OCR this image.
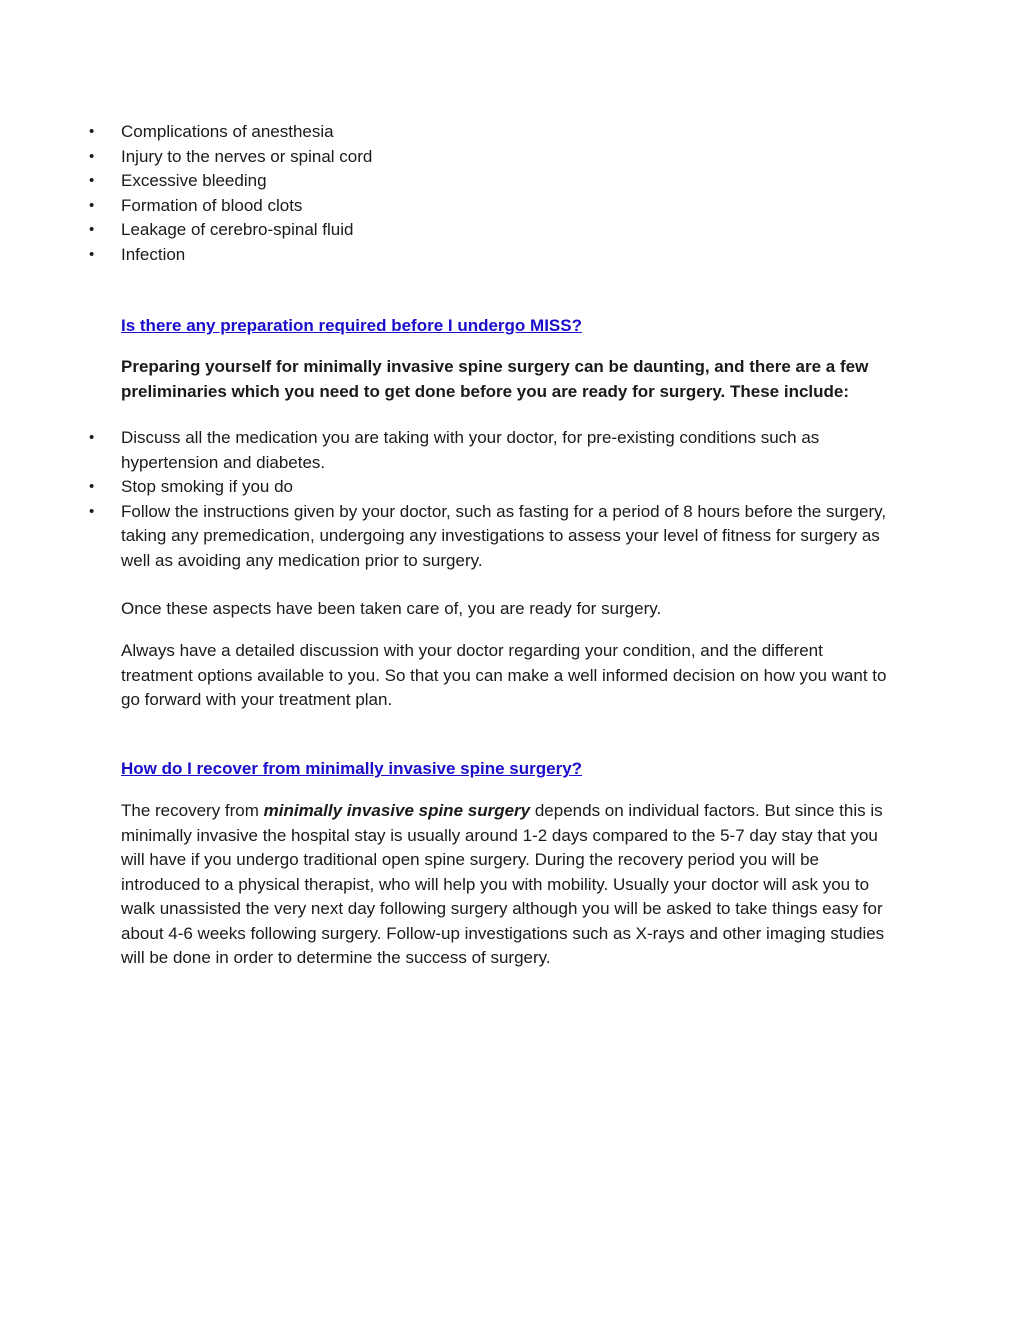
• Complications of anesthesia
• Injury to the nerves or spinal cord
• Excessive bleeding
• Formation of blood clots
• Leakage of cerebro-spinal fluid
• Infection

Is there any preparation required before I undergo MISS?

Preparing yourself for minimally invasive spine surgery can be daunting, and there are a few preliminaries which you need to get done before you are ready for surgery. These include:

• Discuss all the medication you are taking with your doctor, for pre-existing conditions such as hypertension and diabetes.
• Stop smoking if you do
• Follow the instructions given by your doctor, such as fasting for a period of 8 hours before the surgery, taking any premedication, undergoing any investigations to assess your level of fitness for surgery as well as avoiding any medication prior to surgery.

Once these aspects have been taken care of, you are ready for surgery.

Always have a detailed discussion with your doctor regarding your condition, and the different treatment options available to you. So that you can make a well informed decision on how you want to go forward with your treatment plan.

How do I recover from minimally invasive spine surgery?

The recovery from minimally invasive spine surgery depends on individual factors. But since this is minimally invasive the hospital stay is usually around 1-2 days compared to the 5-7 day stay that you will have if you undergo traditional open spine surgery. During the recovery period you will be introduced to a physical therapist, who will help you with mobility. Usually your doctor will ask you to walk unassisted the very next day following surgery although you will be asked to take things easy for about 4-6 weeks following surgery. Follow-up investigations such as X-rays and other imaging studies will be done in order to determine the success of surgery.
